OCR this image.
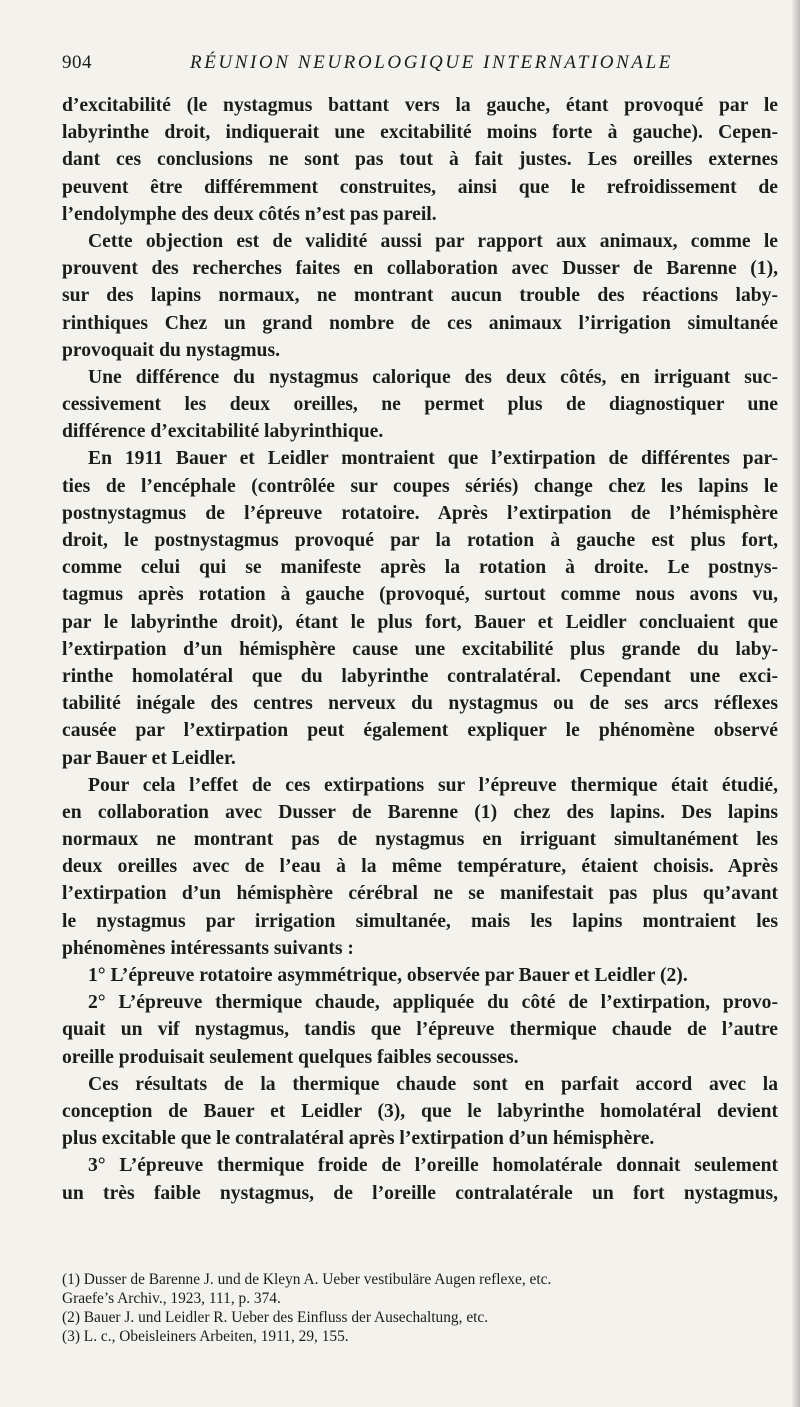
904	RÉUNION NEUROLOGIQUE INTERNATIONALE
d’excitabilité (le nystagmus battant vers la gauche, étant provoqué par le
labyrinthe droit, indiquerait une excitabilité moins forte à gauche). Cepen-
dant ces conclusions ne sont pas tout à fait justes. Les oreilles externes
peuvent être différemment construites, ainsi que le refroidissement de
l’endolymphe des deux côtés n’est pas pareil.
Cette objection est de validité aussi par rapport aux animaux, comme le
prouvent des recherches faites en collaboration avec Dusser de Barenne (1),
sur des lapins normaux, ne montrant aucun trouble des réactions laby-
rinthiques Chez un grand nombre de ces animaux l’irrigation simultanée
provoquait du nystagmus.
Une différence du nystagmus calorique des deux côtés, en irriguant suc-
cessivement les deux oreilles, ne permet plus de diagnostiquer une
différence d’excitabilité labyrinthique.
En 1911 Bauer et Leidler montraient que l’extirpation de différentes par-
ties de l’encéphale (contrôlée sur coupes sériés) change chez les lapins le
postnystagmus de l’épreuve rotatoire. Après l’extirpation de l’hémisphère
droit, le postnystagmus provoqué par la rotation à gauche est plus fort,
comme celui qui se manifeste après la rotation à droite. Le postnys-
tagmus après rotation à gauche (provoqué, surtout comme nous avons vu,
par le labyrinthe droit), étant le plus fort, Bauer et Leidler concluaient que
l’extirpation d’un hémisphère cause une excitabilité plus grande du laby-
rinthe homolatéral que du labyrinthe contralatéral. Cependant une exci-
tabilité inégale des centres nerveux du nystagmus ou de ses arcs réflexes
causée par l’extirpation peut également expliquer le phénomène observé
par Bauer et Leidler.
Pour cela l’effet de ces extirpations sur l’épreuve thermique était étudié,
en collaboration avec Dusser de Barenne (1) chez des lapins. Des lapins
normaux ne montrant pas de nystagmus en irriguant simultanément les
deux oreilles avec de l’eau à la même température, étaient choisis. Après
l’extirpation d’un hémisphère cérébral ne se manifestait pas plus qu’avant
le nystagmus par irrigation simultanée, mais les lapins montraient les
phénomènes intéressants suivants :
1° L’épreuve rotatoire asymmétrique, observée par Bauer et Leidler (2).
2° L’épreuve thermique chaude, appliquée du côté de l’extirpation, provo-
quait un vif nystagmus, tandis que l’épreuve thermique chaude de l’autre
oreille produisait seulement quelques faibles secousses.
Ces résultats de la thermique chaude sont en parfait accord avec la
conception de Bauer et Leidler (3), que le labyrinthe homolatéral devient
plus excitable que le contralatéral après l’extirpation d’un hémisphère.
3° L’épreuve thermique froide de l’oreille homolatérale donnait seulement
un très faible nystagmus, de l’oreille contralatérale un fort nystagmus,
(1) Dusser de Barenne J. und de Kleyn A. Ueber vestibuläre Augen reflexe, etc.
Graefe’s Archiv., 1923, 111, p. 374.
(2) Bauer J. und Leidler R. Ueber des Einfluss der Ausechaltung, etc.
(3) L. c., Obeisleiners Arbeiten, 1911, 29, 155.
